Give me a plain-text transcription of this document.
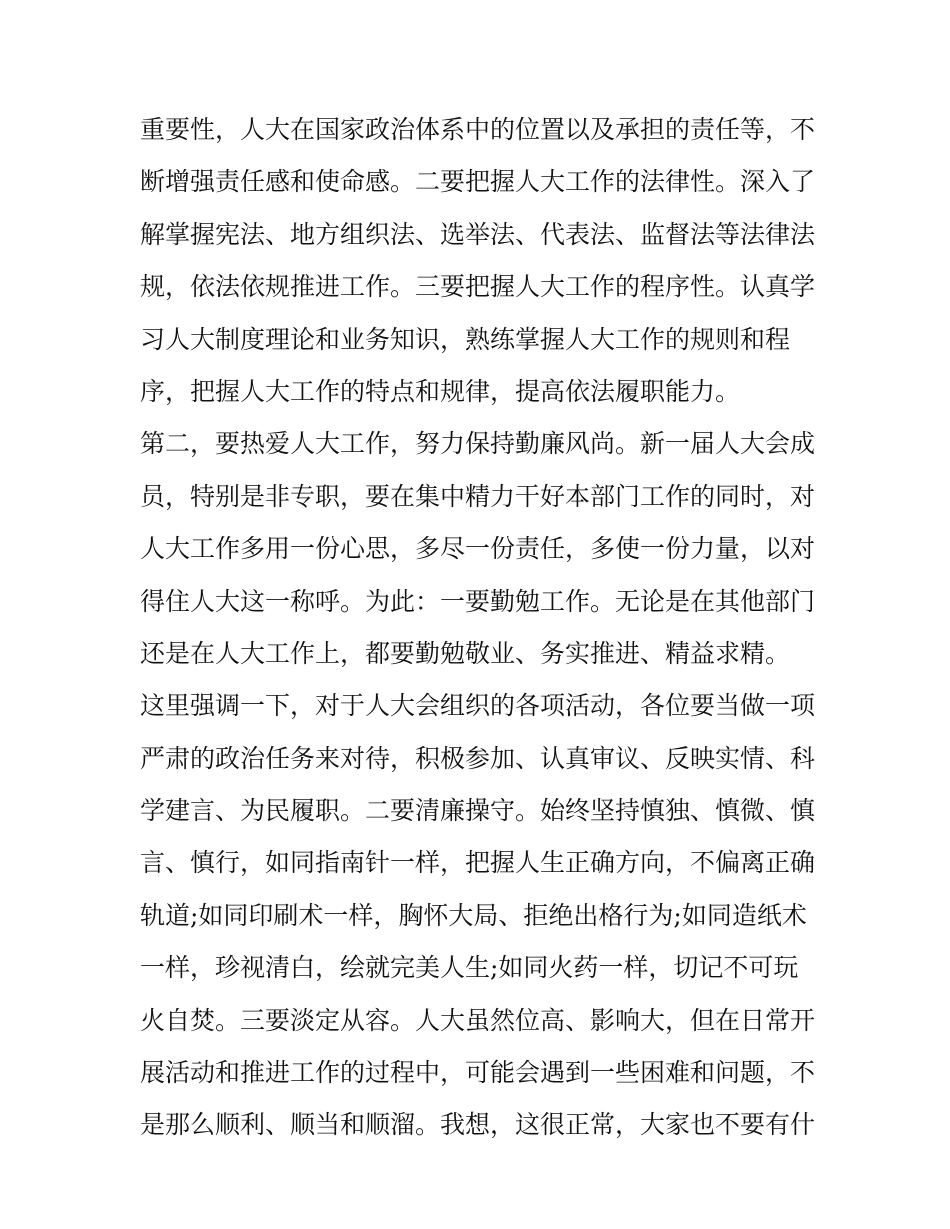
重要性，人大在国家政治体系中的位置以及承担的责任等，不
断增强责任感和使命感。二要把握人大工作的法律性。深入了
解掌握宪法、地方组织法、选举法、代表法、监督法等法律法
规，依法依规推进工作。三要把握人大工作的程序性。认真学
习人大制度理论和业务知识，熟练掌握人大工作的规则和程
序，把握人大工作的特点和规律，提高依法履职能力。
第二，要热爱人大工作，努力保持勤廉风尚。新一届人大会成
员，特别是非专职，要在集中精力干好本部门工作的同时，对
人大工作多用一份心思，多尽一份责任，多使一份力量，以对
得住人大这一称呼。为此：一要勤勉工作。无论是在其他部门
还是在人大工作上，都要勤勉敬业、务实推进、精益求精。
这里强调一下，对于人大会组织的各项活动，各位要当做一项
严肃的政治任务来对待，积极参加、认真审议、反映实情、科
学建言、为民履职。二要清廉操守。始终坚持慎独、慎微、慎
言、慎行，如同指南针一样，把握人生正确方向，不偏离正确
轨道;如同印刷术一样，胸怀大局、拒绝出格行为;如同造纸术
一样，珍视清白，绘就完美人生;如同火药一样，切记不可玩
火自焚。三要淡定从容。人大虽然位高、影响大，但在日常开
展活动和推进工作的过程中，可能会遇到一些困难和问题，不
是那么顺利、顺当和顺溜。我想，这很正常，大家也不要有什
